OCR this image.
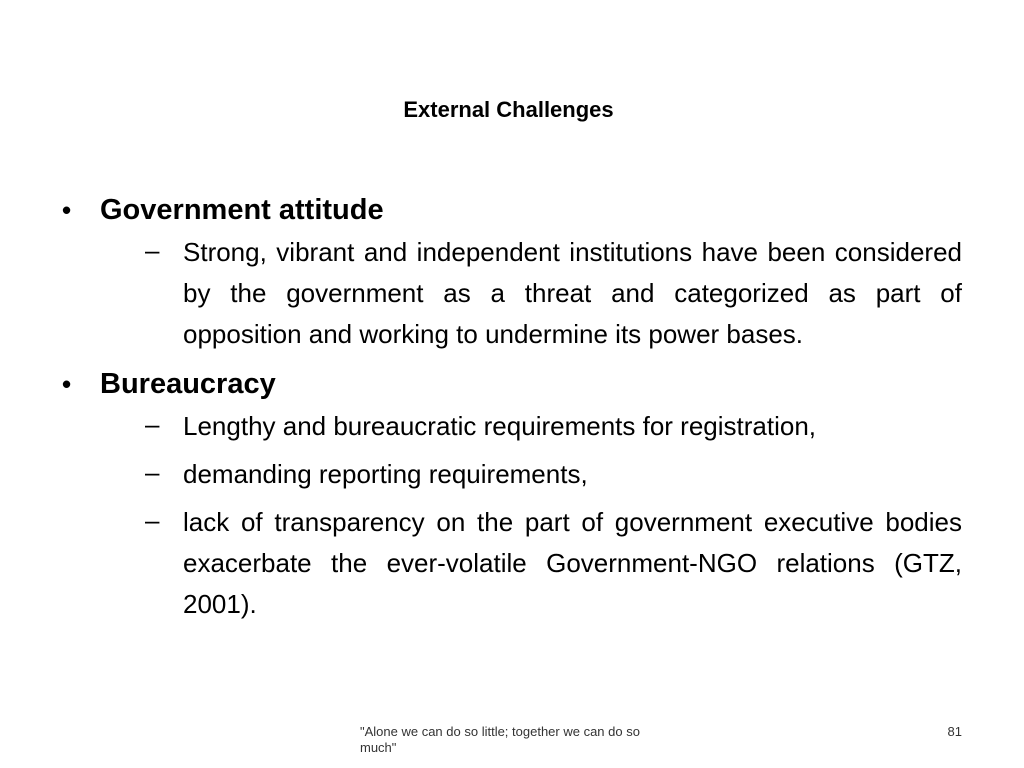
External Challenges
• Government attitude
– Strong, vibrant and independent institutions have been considered by the government as a threat and categorized as part of opposition and working to undermine its power bases.
• Bureaucracy
– Lengthy and bureaucratic requirements for registration,
– demanding reporting requirements,
– lack of transparency on the part of government executive bodies exacerbate the ever-volatile Government-NGO relations (GTZ, 2001).
"Alone we can do so little; together we can do so much"
81
